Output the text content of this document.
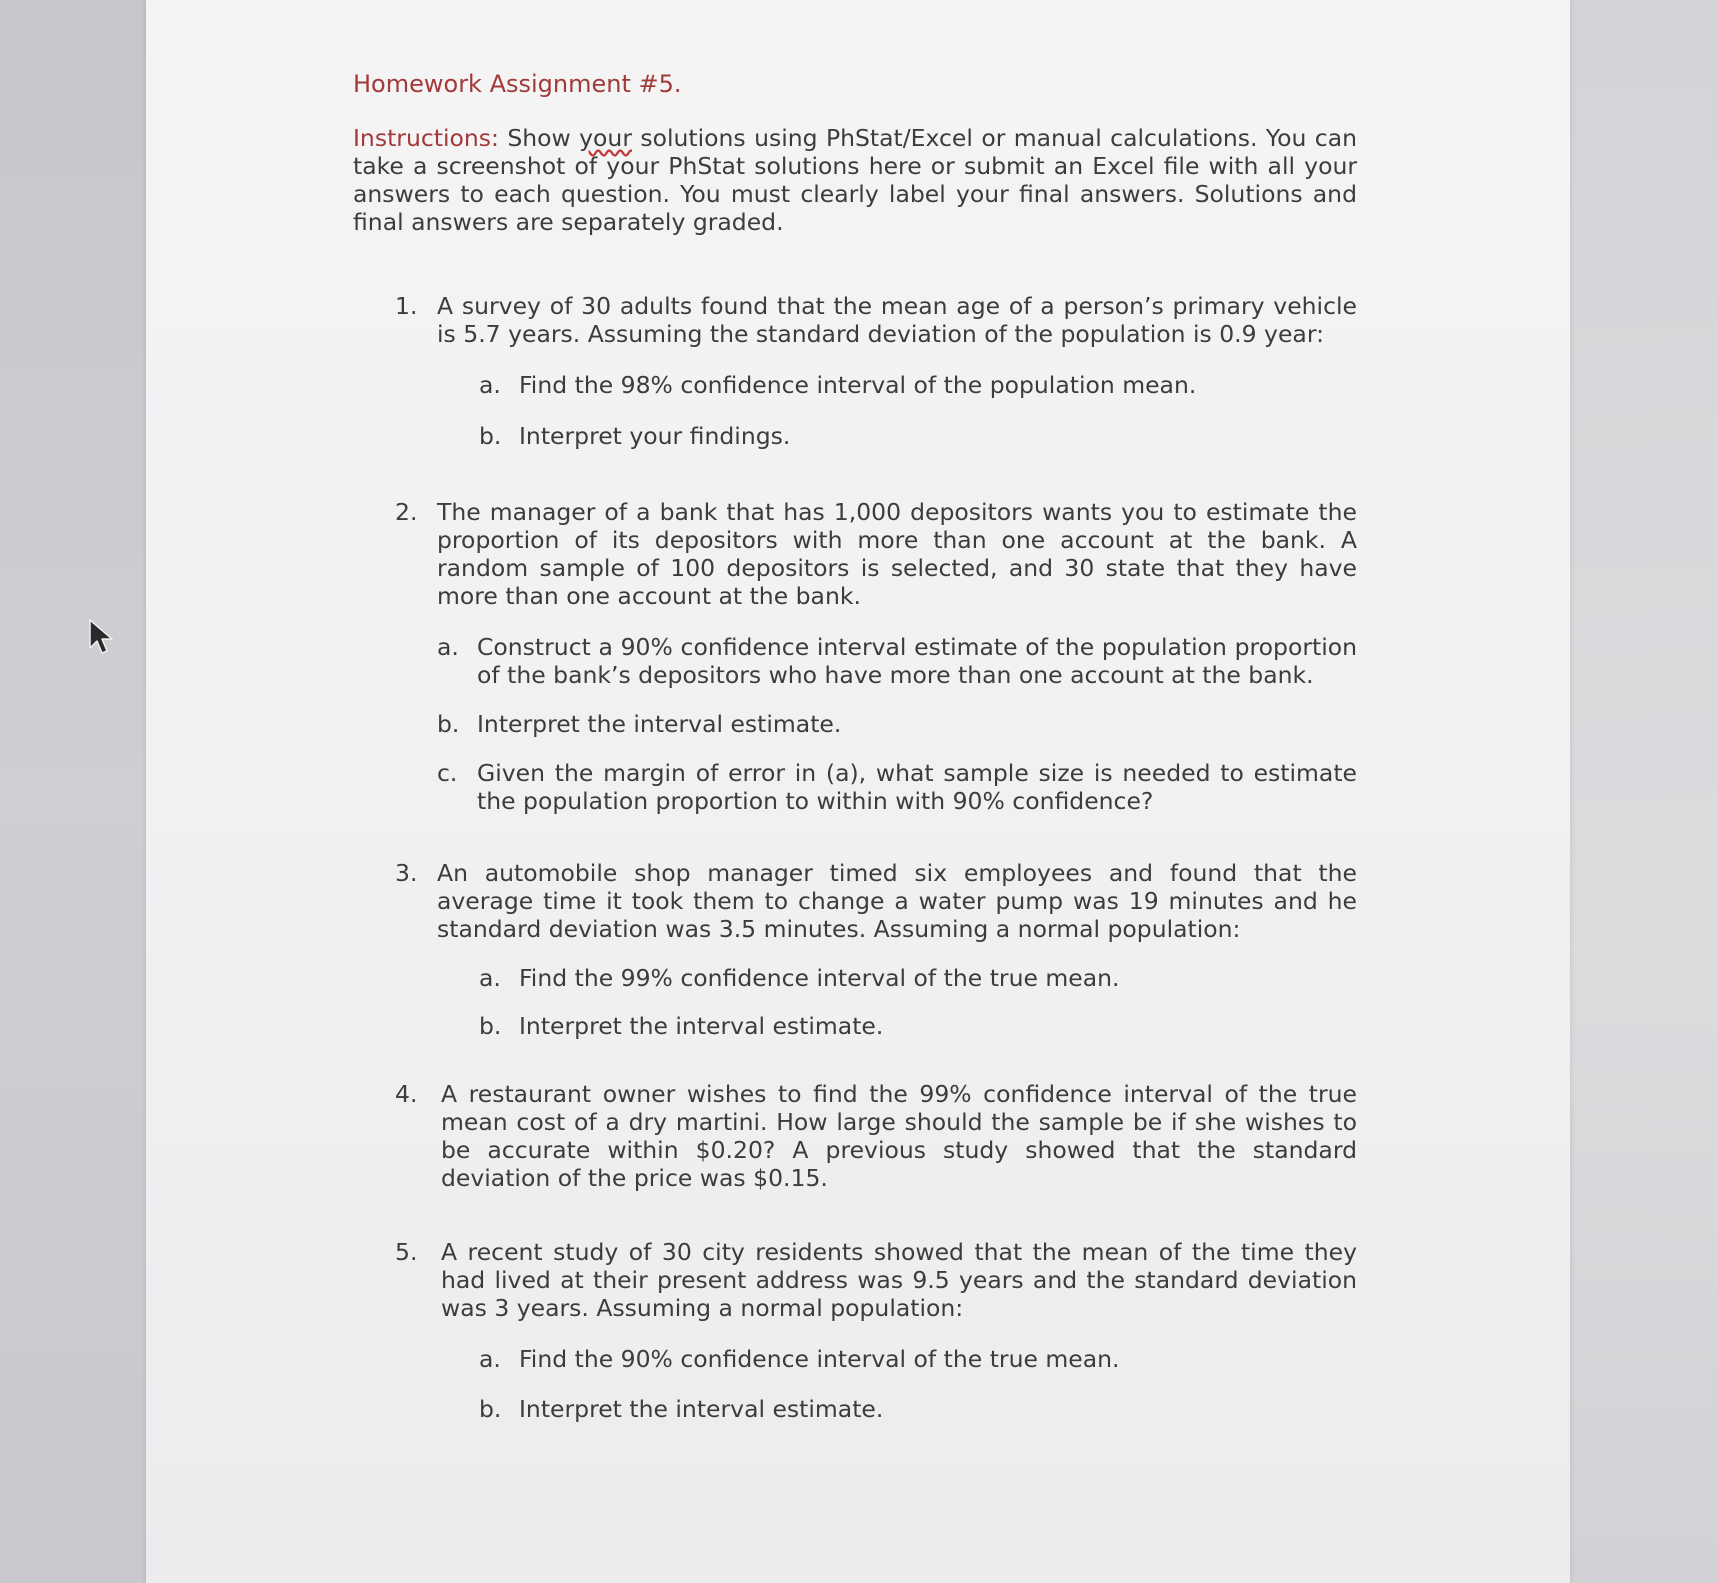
Homework Assignment #5.
Instructions: Show your solutions using PhStat/Excel or manual calculations. You can take a screenshot of your PhStat solutions here or submit an Excel file with all your answers to each question. You must clearly label your final answers. Solutions and final answers are separately graded.
1. A survey of 30 adults found that the mean age of a person’s primary vehicle is 5.7 years. Assuming the standard deviation of the population is 0.9 year:
a. Find the 98% confidence interval of the population mean.
b. Interpret your findings.
2. The manager of a bank that has 1,000 depositors wants you to estimate the proportion of its depositors with more than one account at the bank. A random sample of 100 depositors is selected, and 30 state that they have more than one account at the bank.
a. Construct a 90% confidence interval estimate of the population proportion of the bank’s depositors who have more than one account at the bank.
b. Interpret the interval estimate.
c. Given the margin of error in (a), what sample size is needed to estimate the population proportion to within with 90% confidence?
3. An automobile shop manager timed six employees and found that the average time it took them to change a water pump was 19 minutes and he standard deviation was 3.5 minutes. Assuming a normal population:
a. Find the 99% confidence interval of the true mean.
b. Interpret the interval estimate.
4.	A restaurant owner wishes to find the 99% confidence interval of the true mean cost of a dry martini. How large should the sample be if she wishes to be accurate within $0.20? A previous study showed that the standard deviation of the price was $0.15.
5.	A recent study of 30 city residents showed that the mean of the time they had lived at their present address was 9.5 years and the standard deviation was 3 years. Assuming a normal population:
a. Find the 90% confidence interval of the true mean.
b. Interpret the interval estimate.
